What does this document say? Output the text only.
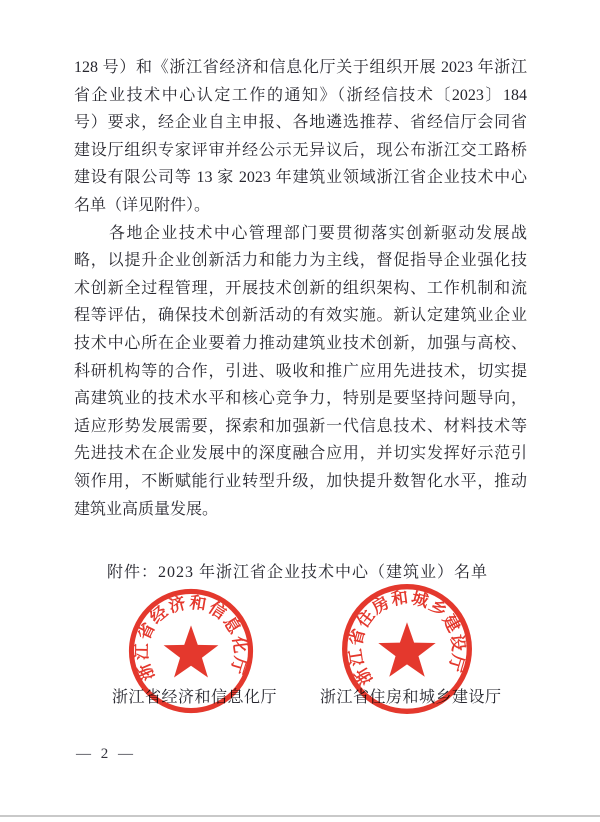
128 号）和《浙江省经济和信息化厅关于组织开展 2023 年浙江
省企业技术中心认定工作的通知》（浙经信技术〔2023〕184
号）要求，经企业自主申报、各地遴选推荐、省经信厅会同省
建设厅组织专家评审并经公示无异议后，现公布浙江交工路桥
建设有限公司等 13 家 2023 年建筑业领域浙江省企业技术中心
名单（详见附件）。
　　各地企业技术中心管理部门要贯彻落实创新驱动发展战
略，以提升企业创新活力和能力为主线，督促指导企业强化技
术创新全过程管理，开展技术创新的组织架构、工作机制和流
程等评估，确保技术创新活动的有效实施。新认定建筑业企业
技术中心所在企业要着力推动建筑业技术创新，加强与高校、
科研机构等的合作，引进、吸收和推广应用先进技术，切实提
高建筑业的技术水平和核心竞争力，特别是要坚持问题导向，
适应形势发展需要，探索和加强新一代信息技术、材料技术等
先进技术在企业发展中的深度融合应用，并切实发挥好示范引
领作用，不断赋能行业转型升级，加快提升数智化水平，推动
建筑业高质量发展。
附件：2023 年浙江省企业技术中心（建筑业）名单
浙江省经济和信息化厅	浙江省住房和城乡建设厅
浙江省经济和信息化厅	浙江省住房和城乡建设厅
— 2 —
